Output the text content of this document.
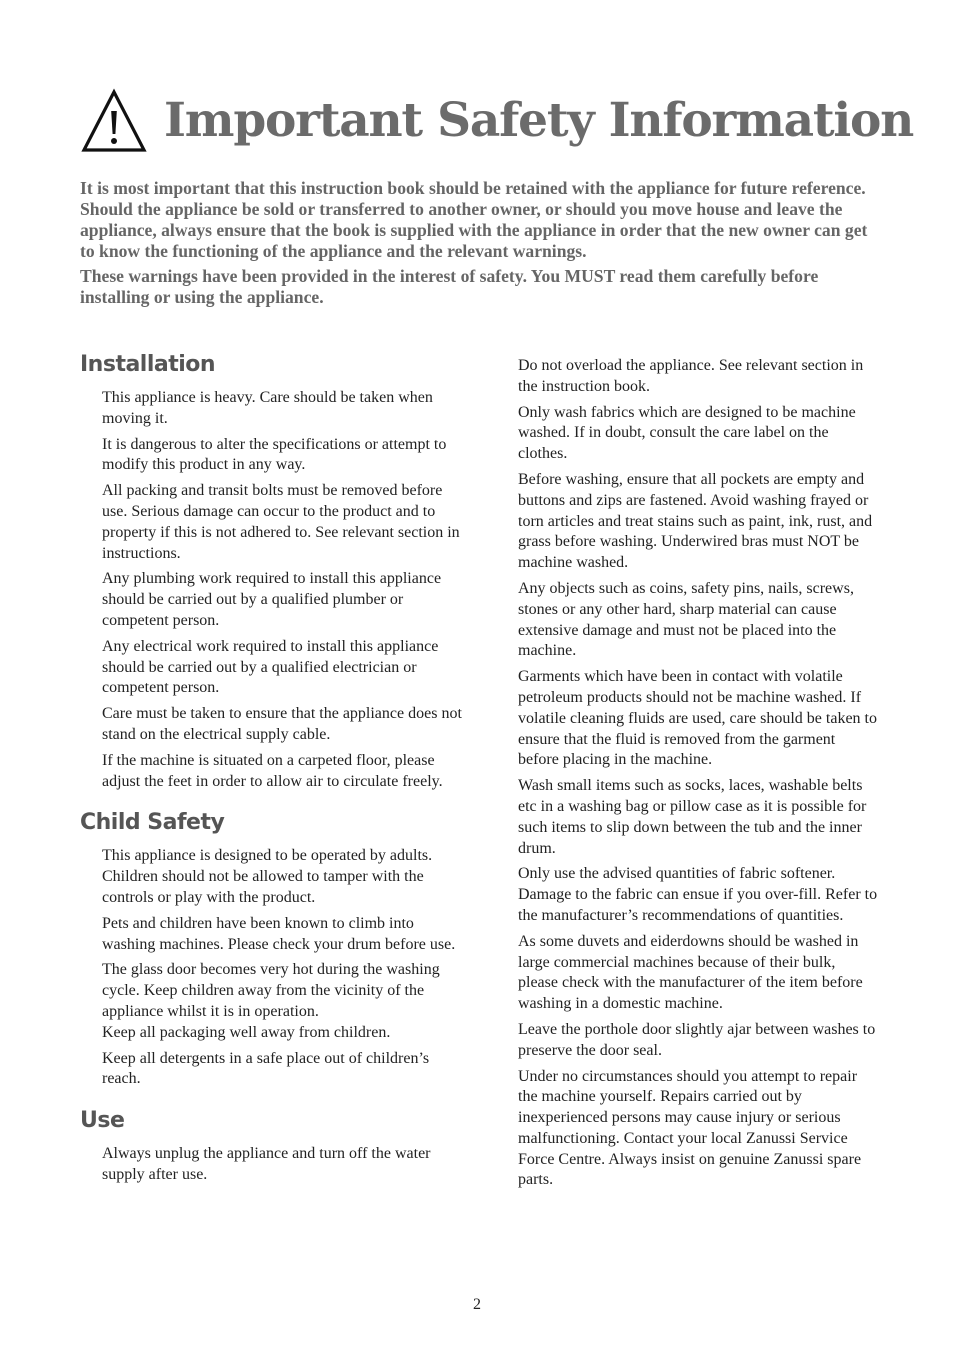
Important Safety Information

It is most important that this instruction book should be retained with the appliance for future reference. Should the appliance be sold or transferred to another owner, or should you move house and leave the appliance, always ensure that the book is supplied with the appliance in order that the new owner can get to know the functioning of the appliance and the relevant warnings.

These warnings have been provided in the interest of safety. You MUST read them carefully before installing or using the appliance.

Installation
This appliance is heavy. Care should be taken when moving it.
It is dangerous to alter the specifications or attempt to modify this product in any way.
All packing and transit bolts must be removed before use. Serious damage can occur to the product and to property if this is not adhered to. See relevant section in instructions.
Any plumbing work required to install this appliance should be carried out by a qualified plumber or competent person.
Any electrical work required to install this appliance should be carried out by a qualified electrician or competent person.
Care must be taken to ensure that the appliance does not stand on the electrical supply cable.
If the machine is situated on a carpeted floor, please adjust the feet in order to allow air to circulate freely.
Child Safety
This appliance is designed to be operated by adults. Children should not be allowed to tamper with the controls or play with the product.
Pets and children have been known to climb into washing machines. Please check your drum before use.
The glass door becomes very hot during the washing cycle. Keep children away from the vicinity of the appliance whilst it is in operation.
Keep all packaging well away from children.
Keep all detergents in a safe place out of children’s reach.
Use
Always unplug the appliance and turn off the water supply after use.
Do not overload the appliance. See relevant section in the instruction book.
Only wash fabrics which are designed to be machine washed. If in doubt, consult the care label on the clothes.
Before washing, ensure that all pockets are empty and buttons and zips are fastened. Avoid washing frayed or torn articles and treat stains such as paint, ink, rust, and grass before washing. Underwired bras must NOT be machine washed.
Any objects such as coins, safety pins, nails, screws, stones or any other hard, sharp material can cause extensive damage and must not be placed into the machine.
Garments which have been in contact with volatile petroleum products should not be machine washed. If volatile cleaning fluids are used, care should be taken to ensure that the fluid is removed from the garment before placing in the machine.
Wash small items such as socks, laces, washable belts etc in a washing bag or pillow case as it is possible for such items to slip down between the tub and the inner drum.
Only use the advised quantities of fabric softener. Damage to the fabric can ensue if you over-fill. Refer to the manufacturer’s recommendations of quantities.
As some duvets and eiderdowns should be washed in large commercial machines because of their bulk, please check with the manufacturer of the item before washing in a domestic machine.
Leave the porthole door slightly ajar between washes to preserve the door seal.
Under no circumstances should you attempt to repair the machine yourself. Repairs carried out by inexperienced persons may cause injury or serious malfunctioning. Contact your local Zanussi Service Force Centre. Always insist on genuine Zanussi spare parts.
2
